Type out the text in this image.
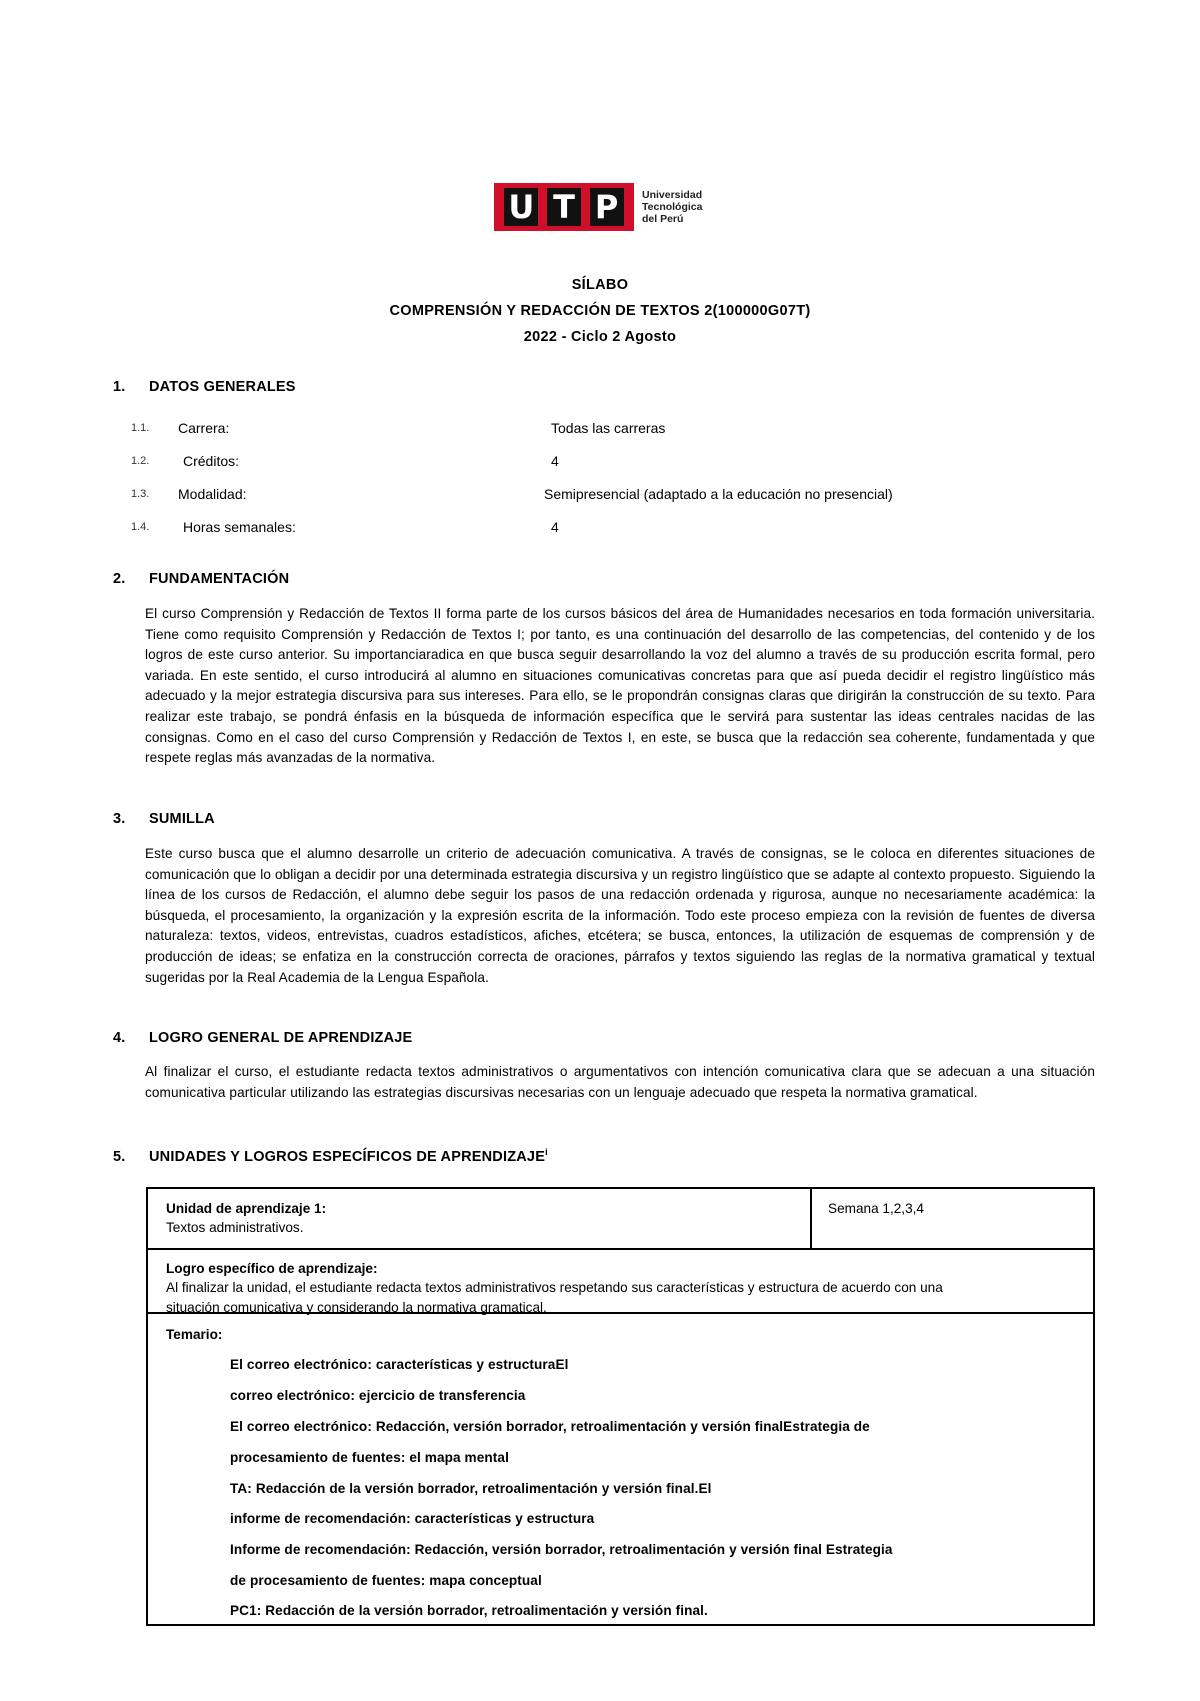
U T P	Universidad
Tecnológica
del Perú
SÍLABO
COMPRENSIÓN Y REDACCIÓN DE TEXTOS 2(100000G07T)
2022 - Ciclo 2 Agosto
1. DATOS GENERALES
1.1. Carrera:	Todas las carreras
1.2. Créditos:	4
1.3. Modalidad:	Semipresencial (adaptado a la educación no presencial)
1.4. Horas semanales:	4
2. FUNDAMENTACIÓN
El curso Comprensión y Redacción de Textos II forma parte de los cursos básicos del área de Humanidades necesarios en toda formación universitaria. Tiene como requisito Comprensión y Redacción de Textos I; por tanto, es una continuación del desarrollo de las competencias, del contenido y de los logros de este curso anterior. Su importanciaradica en que busca seguir desarrollando la voz del alumno a través de su producción escrita formal, pero variada. En este sentido, el curso introducirá al alumno en situaciones comunicativas concretas para que así pueda decidir el registro lingüístico más adecuado y la mejor estrategia discursiva para sus intereses. Para ello, se le propondrán consignas claras que dirigirán la construcción de su texto. Para realizar este trabajo, se pondrá énfasis en la búsqueda de información específica que le servirá para sustentar las ideas centrales nacidas de las consignas. Como en el caso del curso Comprensión y Redacción de Textos I, en este, se busca que la redacción sea coherente, fundamentada y que respete reglas más avanzadas de la normativa.
3. SUMILLA
Este curso busca que el alumno desarrolle un criterio de adecuación comunicativa. A través de consignas, se le coloca en diferentes situaciones de comunicación que lo obligan a decidir por una determinada estrategia discursiva y un registro lingüístico que se adapte al contexto propuesto. Siguiendo la línea de los cursos de Redacción, el alumno debe seguir los pasos de una redacción ordenada y rigurosa, aunque no necesariamente académica: la búsqueda, el procesamiento, la organización y la expresión escrita de la información. Todo este proceso empieza con la revisión de fuentes de diversa naturaleza: textos, videos, entrevistas, cuadros estadísticos, afiches, etcétera; se busca, entonces, la utilización de esquemas de comprensión y de producción de ideas; se enfatiza en la construcción correcta de oraciones, párrafos y textos siguiendo las reglas de la normativa gramatical y textual sugeridas por la Real Academia de la Lengua Española.
4. LOGRO GENERAL DE APRENDIZAJE
Al finalizar el curso, el estudiante redacta textos administrativos o argumentativos con intención comunicativa clara que se adecuan a una situación comunicativa particular utilizando las estrategias discursivas necesarias con un lenguaje adecuado que respeta la normativa gramatical.
5. UNIDADES Y LOGROS ESPECÍFICOS DE APRENDIZAJE$^i$
Unidad de aprendizaje 1:
Textos administrativos.
Semana 1,2,3,4
Logro específico de aprendizaje:
Al finalizar la unidad, el estudiante redacta textos administrativos respetando sus características y estructura de acuerdo con una situación comunicativa y considerando la normativa gramatical.
Temario:
El correo electrónico: características y estructuraEl
correo electrónico: ejercicio de transferencia
El correo electrónico: Redacción, versión borrador, retroalimentación y versión finalEstrategia de
procesamiento de fuentes: el mapa mental
TA: Redacción de la versión borrador, retroalimentación y versión final.El
informe de recomendación: características y estructura
Informe de recomendación: Redacción, versión borrador, retroalimentación y versión final Estrategia
de procesamiento de fuentes: mapa conceptual
PC1: Redacción de la versión borrador, retroalimentación y versión final.
